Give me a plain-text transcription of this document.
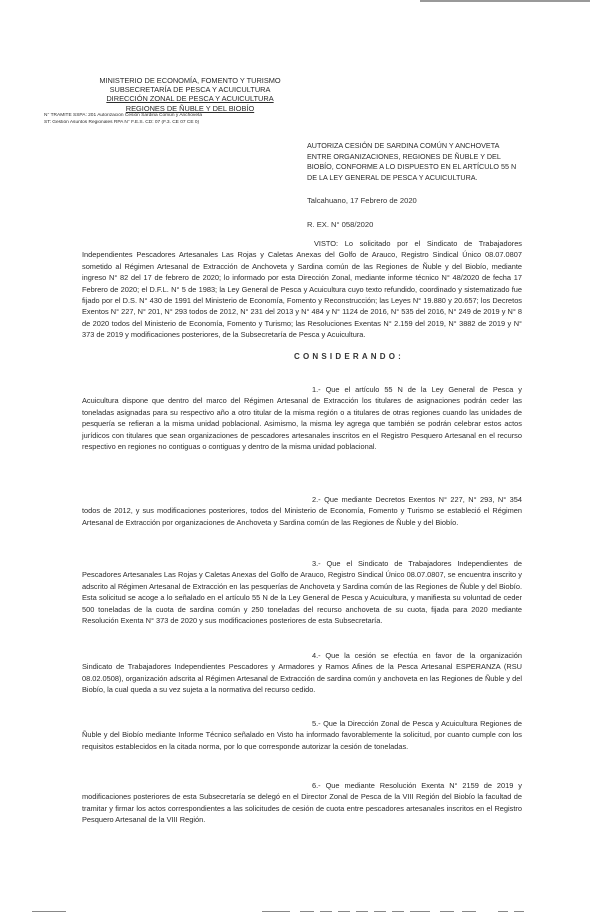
MINISTERIO DE ECONOMÍA, FOMENTO Y TURISMO
SUBSECRETARÍA DE PESCA Y ACUICULTURA
DIRECCIÓN ZONAL DE PESCA Y ACUICULTURA
REGIONES DE ÑUBLE Y DEL BIOBÍO
N° TRAMITE SSPA: 201 Autorización Cesión Sardina Común y Anchoveta
ST: Gestión Asuntos Regionales RPA N° F.E.S. CD: 07 (F.3. CE 07 CE 0)
AUTORIZA CESIÓN DE SARDINA COMÚN Y ANCHOVETA ENTRE ORGANIZACIONES, REGIONES DE ÑUBLE Y DEL BIOBÍO, CONFORME A LO DISPUESTO EN EL ARTÍCULO 55 N DE LA LEY GENERAL DE PESCA Y ACUICULTURA.
Talcahuano, 17 Febrero de 2020
R. EX. N° 058/2020
VISTO: Lo solicitado por el Sindicato de Trabajadores Independientes Pescadores Artesanales Las Rojas y Caletas Anexas del Golfo de Arauco, Registro Sindical Único 08.07.0807 sometido al Régimen Artesanal de Extracción de Anchoveta y Sardina común de las Regiones de Ñuble y del Biobío, mediante ingreso N° 82 del 17 de febrero de 2020; lo informado por esta Dirección Zonal, mediante informe técnico N° 48/2020 de fecha 17 Febrero de 2020; el D.F.L. N° 5 de 1983; la Ley General de Pesca y Acuicultura cuyo texto refundido, coordinado y sistematizado fue fijado por el D.S. N° 430 de 1991 del Ministerio de Economía, Fomento y Reconstrucción; las Leyes N° 19.880 y 20.657; los Decretos Exentos N° 227, N° 201, N° 293 todos de 2012, N° 231 del 2013 y N° 484 y N° 1124 de 2016, N° 535 del 2016, N° 249 de 2019 y N° 8 de 2020 todos del Ministerio de Economía, Fomento y Turismo; las Resoluciones Exentas N° 2.159 del 2019, N° 3882 de 2019 y N° 373 de 2019 y modificaciones posteriores, de la Subsecretaría de Pesca y Acuicultura.
CONSIDERANDO:
1.- Que el artículo 55 N de la Ley General de Pesca y Acuicultura dispone que dentro del marco del Régimen Artesanal de Extracción los titulares de asignaciones podrán ceder las toneladas asignadas para su respectivo año a otro titular de la misma región o a titulares de otras regiones cuando las unidades de pesquería se refieran a la misma unidad poblacional. Asimismo, la misma ley agrega que también se podrán celebrar estos actos jurídicos con titulares que sean organizaciones de pescadores artesanales inscritos en el Registro Pesquero Artesanal en el recurso respectivo en regiones no contiguas o contiguas y dentro de la misma unidad poblacional.
2.- Que mediante Decretos Exentos N° 227, N° 293, N° 354 todos de 2012, y sus modificaciones posteriores, todos del Ministerio de Economía, Fomento y Turismo se estableció el Régimen Artesanal de Extracción por organizaciones de Anchoveta y Sardina común de las Regiones de Ñuble y del Biobío.
3.- Que el Sindicato de Trabajadores Independientes de Pescadores Artesanales Las Rojas y Caletas Anexas del Golfo de Arauco, Registro Sindical Único 08.07.0807, se encuentra inscrito y adscrito al Régimen Artesanal de Extracción en las pesquerías de Anchoveta y Sardina común de las Regiones de Ñuble y del Biobío. Esta solicitud se acoge a lo señalado en el artículo 55 N de la Ley General de Pesca y Acuicultura, y manifiesta su voluntad de ceder 500 toneladas de la cuota de sardina común y 250 toneladas del recurso anchoveta de su cuota, fijada para 2020 mediante Resolución Exenta N° 373 de 2020 y sus modificaciones posteriores de esta Subsecretaría.
4.- Que la cesión se efectúa en favor de la organización Sindicato de Trabajadores Independientes Pescadores y Armadores y Ramos Afines de la Pesca Artesanal ESPERANZA (RSU 08.02.0508), organización adscrita al Régimen Artesanal de Extracción de sardina común y anchoveta en las Regiones de Ñuble y del Biobío, la cual queda a su vez sujeta a la normativa del recurso cedido.
5.- Que la Dirección Zonal de Pesca y Acuicultura Regiones de Ñuble y del Biobío mediante Informe Técnico señalado en Visto ha informado favorablemente la solicitud, por cuanto cumple con los requisitos establecidos en la citada norma, por lo que corresponde autorizar la cesión de toneladas.
6.- Que mediante Resolución Exenta N° 2159 de 2019 y modificaciones posteriores de esta Subsecretaría se delegó en el Director Zonal de Pesca de la VIII Región del Biobío la facultad de tramitar y firmar los actos correspondientes a las solicitudes de cesión de cuota entre pescadores artesanales inscritos en el Registro Pesquero Artesanal de la VIII Región.
